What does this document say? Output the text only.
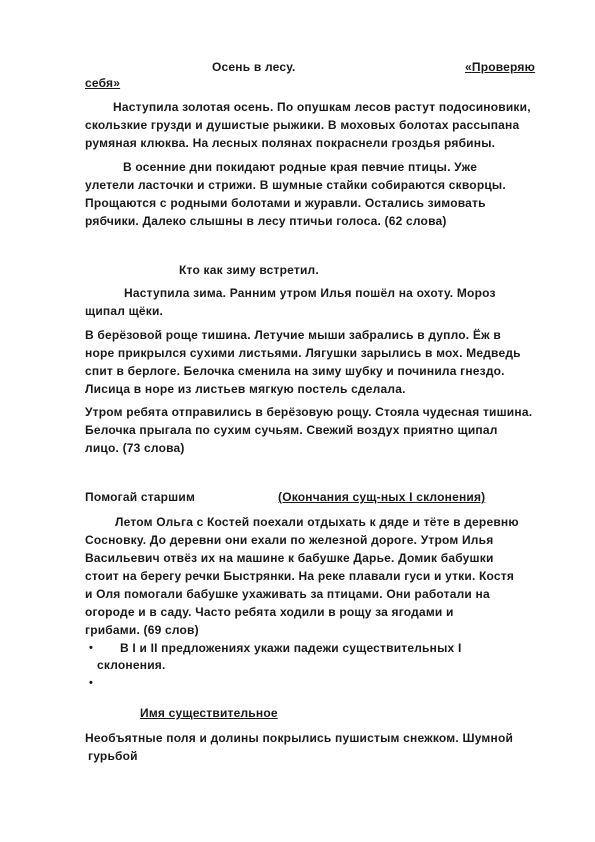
Осень в лесу.	«Проверяю
себя»
Наступила золотая осень. По опушкам лесов растут подосиновики,
скользкие грузди и душистые рыжики. В моховых болотах рассыпана
румяная клюква. На лесных полянах покраснели гроздья рябины.
В осенние дни покидают родные края певчие птицы. Уже
улетели ласточки и стрижи. В шумные стайки собираются скворцы.
Прощаются с родными болотами и журавли. Остались зимовать
рябчики. Далеко слышны в лесу птичьи голоса. (62 слова)
Кто как зиму встретил.
Наступила зима. Ранним утром Илья пошёл на охоту. Мороз
щипал щёки.
В берёзовой роще тишина. Летучие мыши забрались в дупло. Ёж в
норе прикрылся сухими листьями. Лягушки зарылись в мох. Медведь
спит в берлоге. Белочка сменила на зиму шубку и починила гнездо.
Лисица в норе из листьев мягкую постель сделала.
Утром ребята отправились в берёзовую рощу. Стояла чудесная тишина.
Белочка прыгала по сухим сучьям. Свежий воздух приятно щипал
лицо. (73 слова)
Помогай старшим	(Окончания сущ-ных I склонения)
Летом Ольга с Костей поехали отдыхать к дяде и тёте в деревню
Сосновку. До деревни они ехали по железной дороге. Утром Илья
Васильевич отвёз их на машине к бабушке Дарье. Домик бабушки
стоит на берегу речки Быстрянки. На реке плавали гуси и утки. Костя
и Оля помогали бабушке ухаживать за птицами. Они работали на
огороде и в саду. Часто ребята ходили в рощу за ягодами и
грибами. (69 слов)
• В I и II предложениях укажи падежи существительных I
склонения.
•
Имя существительное
Необъятные поля и долины покрылись пушистым снежком. Шумной
гурьбой
